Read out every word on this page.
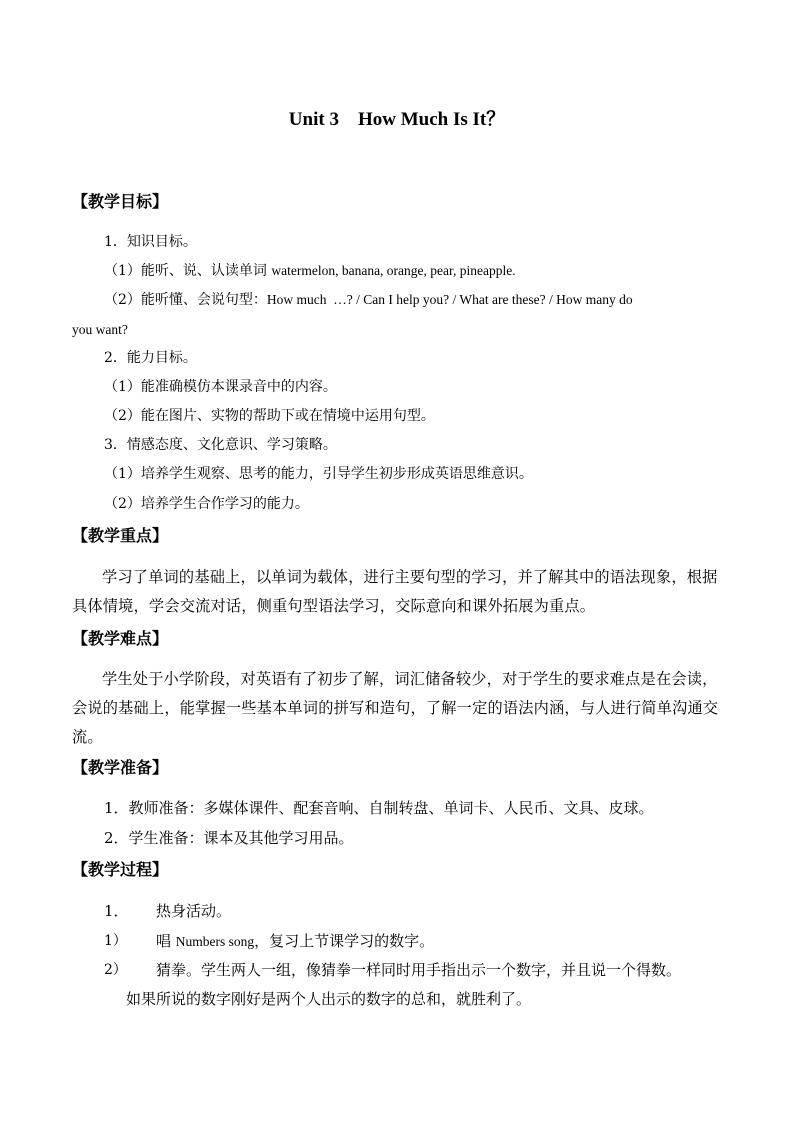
Unit 3　How Much Is It？
【教学目标】
1．知识目标。
（1）能听、说、认读单词 watermelon, banana, orange, pear, pineapple.
（2）能听懂、会说句型：How much  …? / Can I help you? / What are these? / How many do
you want?
2．能力目标。
（1）能准确模仿本课录音中的内容。
（2）能在图片、实物的帮助下或在情境中运用句型。
3．情感态度、文化意识、学习策略。
（1）培养学生观察、思考的能力，引导学生初步形成英语思维意识。
（2）培养学生合作学习的能力。
【教学重点】
学习了单词的基础上，以单词为载体，进行主要句型的学习，并了解其中的语法现象，根据具体情境，学会交流对话，侧重句型语法学习，交际意向和课外拓展为重点。
【教学难点】
学生处于小学阶段，对英语有了初步了解，词汇储备较少，对于学生的要求难点是在会读，会说的基础上，能掌握一些基本单词的拼写和造句，了解一定的语法内涵，与人进行简单沟通交流。
【教学准备】
1．教师准备：多媒体课件、配套音响、自制转盘、单词卡、人民币、文具、皮球。
2．学生准备：课本及其他学习用品。
【教学过程】
1． 热身活动。
1） 唱 Numbers song，复习上节课学习的数字。
2） 猜拳。学生两人一组，像猜拳一样同时用手指出示一个数字，并且说一个得数。
如果所说的数字刚好是两个人出示的数字的总和，就胜利了。
